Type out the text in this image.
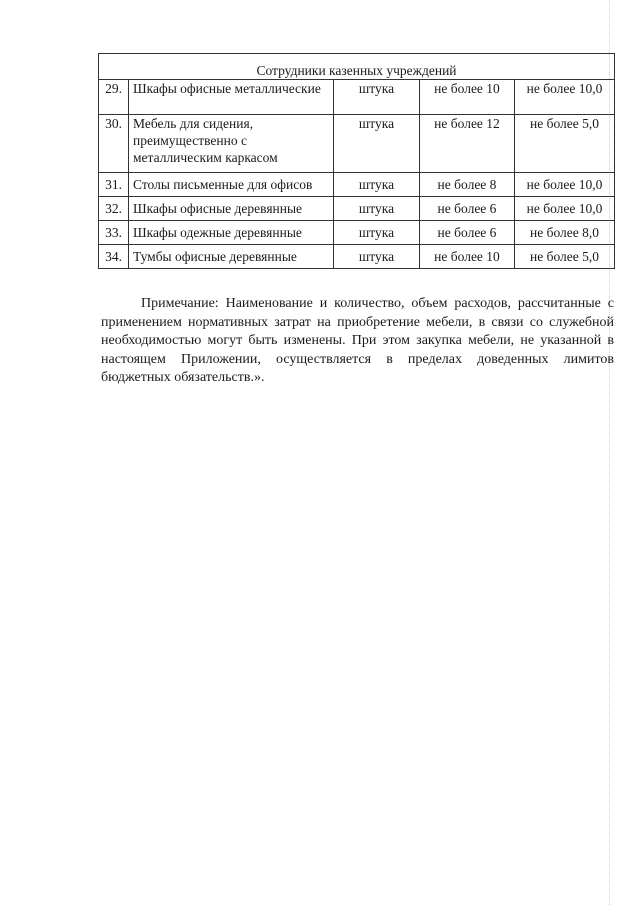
Сотрудники казенных учреждений				
29.	Шкафы офисные металлические	штука	не более 10	не более 10,0
30.	Мебель для сидения, преимущественно с металлическим каркасом	штука	не более 12	не более 5,0
31.	Столы письменные для офисов	штука	не более 8	не более 10,0
32.	Шкафы офисные деревянные	штука	не более 6	не более 10,0
33.	Шкафы одежные деревянные	штука	не более 6	не более 8,0
34.	Тумбы офисные деревянные	штука	не более 10	не более 5,0

Примечание: Наименование и количество, объем расходов, рассчитанные с применением нормативных затрат на приобретение мебели, в связи со служебной необходимостью могут быть изменены. При этом закупка мебели, не указанной в настоящем Приложении, осуществляется в пределах доведенных лимитов бюджетных обязательств.».
